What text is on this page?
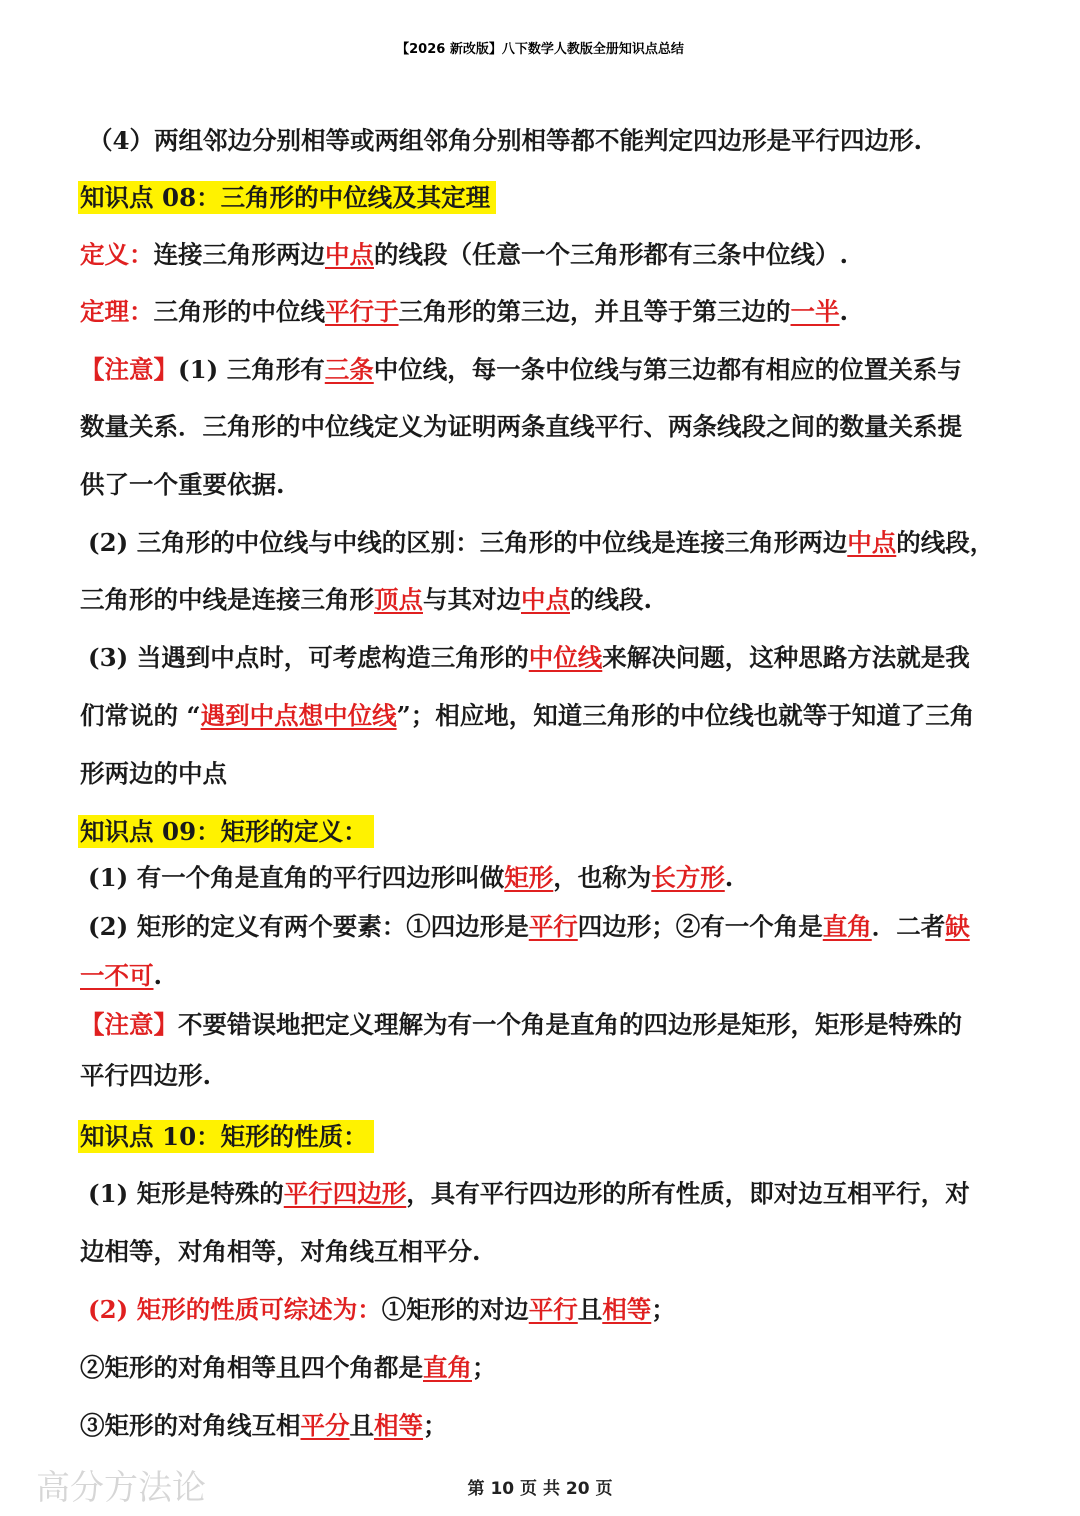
【2026 新改版】八下数学人教版全册知识点总结
（4）两组邻边分别相等或两组邻角分别相等都不能判定四边形是平行四边形.
知识点 08：三角形的中位线及其定理
定义：连接三角形两边中点的线段（任意一个三角形都有三条中位线）.
定理：三角形的中位线平行于三角形的第三边，并且等于第三边的一半.
【注意】(1) 三角形有三条中位线，每一条中位线与第三边都有相应的位置关系与
数量关系．三角形的中位线定义为证明两条直线平行、两条线段之间的数量关系提
供了一个重要依据.
(2) 三角形的中位线与中线的区别：三角形的中位线是连接三角形两边中点的线段，
三角形的中线是连接三角形顶点与其对边中点的线段.
(3) 当遇到中点时，可考虑构造三角形的中位线来解决问题，这种思路方法就是我
们常说的 “遇到中点想中位线”；相应地，知道三角形的中位线也就等于知道了三角
形两边的中点
知识点 09：矩形的定义：
(1) 有一个角是直角的平行四边形叫做矩形，也称为长方形.
(2) 矩形的定义有两个要素：①四边形是平行四边形；②有一个角是直角．二者缺
一不可.
【注意】不要错误地把定义理解为有一个角是直角的四边形是矩形，矩形是特殊的
平行四边形.
知识点 10：矩形的性质：
(1) 矩形是特殊的平行四边形，具有平行四边形的所有性质，即对边互相平行，对
边相等，对角相等，对角线互相平分.
(2) 矩形的性质可综述为：①矩形的对边平行且相等；
②矩形的对角相等且四个角都是直角；
③矩形的对角线互相平分且相等；
高分方法论	第 10 页 共 20 页
